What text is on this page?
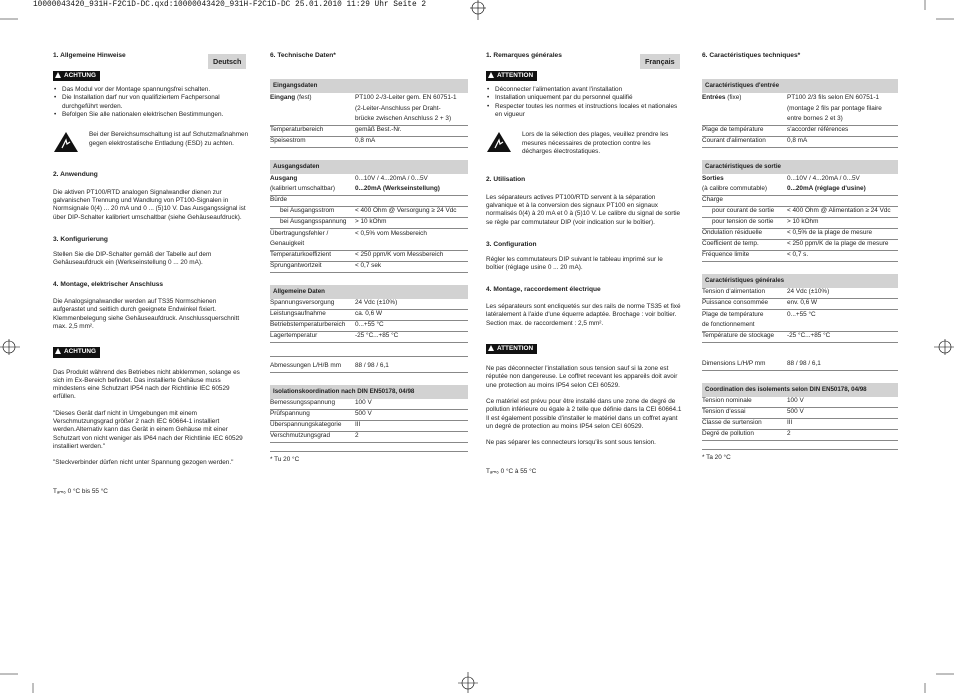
10000043420_931H-F2C1D-DC.qxd:10000043420_931H-F2C1D-DC 25.01.2010 11:29 Uhr Seite 2
1. Allgemeine Hinweise
ACHTUNG
• Das Modul vor der Montage spannungsfrei schalten.
• Die Installation darf nur von qualifiziertem Fachpersonal durchgeführt werden.
• Befolgen Sie alle nationalen elektrischen Bestimmungen.

Bei der Bereichsumschaltung ist auf Schutzmaßnahmen gegen elektrostatische Entladung (ESD) zu achten.

2. Anwendung

Die aktiven PT100/RTD analogen Signalwandler dienen zur galvanischen Trennung und Wandlung von PT100-Signalen in Normsignale 0(4) ... 20 mA und 0 ... (5)10 V. Das Ausgangssignal ist über DIP-Schalter kalibriert umschaltbar (siehe Gehäuseaufdruck).

3. Konfigurierung

Stellen Sie die DIP-Schalter gemäß der Tabelle auf dem Gehäuseaufdruck ein (Werkseinstellung 0 ... 20 mA).

4. Montage, elektrischer Anschluss

Die Analogsignalwandler werden auf TS35 Normschienen aufgerastet und seitlich durch geeignete Endwinkel fixiert. Klemmenbelegung siehe Gehäuseaufdruck. Anschlussquerschnitt max. 2,5 mm².

ACHTUNG

Das Produkt während des Betriebes nicht abklemmen, solange es sich im Ex-Bereich befindet. Das installierte Gehäuse muss mindestens eine Schutzart IP54 nach der Richtlinie IEC 60529 erfüllen.

"Dieses Gerät darf nicht in Umgebungen mit einem Verschmutzungsgrad größer 2 nach IEC 60664-1 installiert werden.Alternativ kann das Gerät in einem Gehäuse mit einer Schutzart von nicht weniger als IP64 nach der Richtlinie IEC 60529 installiert werden."

"Steckverbinder dürfen nicht unter Spannung gezogen werden."

Tₐₘ₆ 0 °C bis 55 °C

Deutsch
6. Technische Daten*
Eingangsdaten
Eingang (fest)	PT100 2-/3-Leiter gem. EN 60751-1
(2-Leiter-Anschluss per Draht-
brücke zwischen Anschluss 2 + 3)
Temperaturbereich	gemäß Best.-Nr.
Speisestrom	0,8 mA
Ausgangsdaten
Ausgang	0...10V / 4...20mA / 0...5V
(kalibriert umschaltbar)	0...20mA (Werkseinstellung)
Bürde
bei Ausgangsstrom	< 400 Ohm @ Versorgung ≥ 24 Vdc
bei Ausgangsspannung	> 10 kOhm
Übertragungsfehler /	< 0,5% vom Messbereich
Genauigkeit
Temperaturkoeffizient	< 250 ppm/K vom Messbereich
Sprungantwortzeit	< 0,7 sek
Allgemeine Daten
Spannungsversorgung	24 Vdc (±10%)
Leistungsaufnahme	ca. 0,6 W
Betriebstemperaturbereich	0...+55 °C
Lagertemperatur	-25 °C...+85 °C
Abmessungen L/H/B mm	88 / 98 / 6,1
Isolationskoordination nach DIN EN50178, 04/98
Bemessungsspannung	100 V
Prüfspannung	500 V
Überspannungskategorie	III
Verschmutzungsgrad	2

* Tu 20 °C

1. Remarques générales
ATTENTION
• Déconnecter l'alimentation avant l'installation
• Installation uniquement par du personnel qualifié
• Respecter toutes les normes et instructions locales et nationales en vigueur

Lors de la sélection des plages, veuillez prendre les mesures nécessaires de protection contre les décharges électrostatiques.

2. Utilisation

Les séparateurs actives PT100/RTD servent à la séparation galvanique et à la conversion des signaux PT100 en signaux normalisés 0(4) à 20 mA et 0 à (5)10 V. Le calibre du signal de sortie se règle par commutateur DIP (voir indication sur le boîtier).

3. Configuration

Régler les commutateurs DIP suivant le tableau imprimé sur le boîtier (réglage usine 0 ... 20 mA).

4. Montage, raccordement électrique

Les séparateurs sont encliquetés sur des rails de norme TS35 et fixé latéralement à l'aide d'une équerre adaptée. Brochage : voir boîtier. Section max. de raccordement : 2,5 mm².

ATTENTION

Ne pas déconnecter l'installation sous tension sauf si la zone est réputée non dangereuse. Le coffret recevant les appareils doit avoir une protection au moins IP54 selon CEI 60529.

Ce matériel est prévu pour être installé dans une zone de degré de pollution inférieure ou égale à 2 telle que définie dans la CEI 60664.1 Il est également possible d'installer le matériel dans un coffret ayant un degré de protection au moins IP54 selon CEI 60529.

Ne pas séparer les connecteurs lorsqu'ils sont sous tension.

Tₐₘ₆ 0 °C à 55 °C

Français
6. Caractéristiques techniques*
Caractéristiques d'entrée
Entrées (fixe)	PT100 2/3 fils selon EN 60751-1
(montage 2 fils par pontage filaire
entre bornes 2 et 3)
Plage de température	s'accorder références
Courant d'alimentation	0,8 mA
Caractéristiques de sortie
Sorties	0...10V / 4...20mA / 0...5V
(à calibre commutable)	0...20mA (réglage d'usine)
Charge
pour courant de sortie	< 400 Ohm @ Alimentation ≥ 24 Vdc
pour tension de sortie	> 10 kOhm
Ondulation résiduelle	< 0,5% de la plage de mesure
Coefficient de temp.	< 250 ppm/K de la plage de mesure
Fréquence limite	< 0,7 s.
Caractéristiques générales
Tension d'alimentation	24 Vdc (±10%)
Puissance consommée	env. 0,6 W
Plage de température	0...+55 °C
de fonctionnement
Température de stockage	-25 °C...+85 °C
Dimensions L/H/P mm	88 / 98 / 6,1
Coordination des isolements selon DIN EN50178, 04/98
Tension nominale	100 V
Tension d'essai	500 V
Classe de surtension	III
Degré de pollution	2

* Ta 20 °C
